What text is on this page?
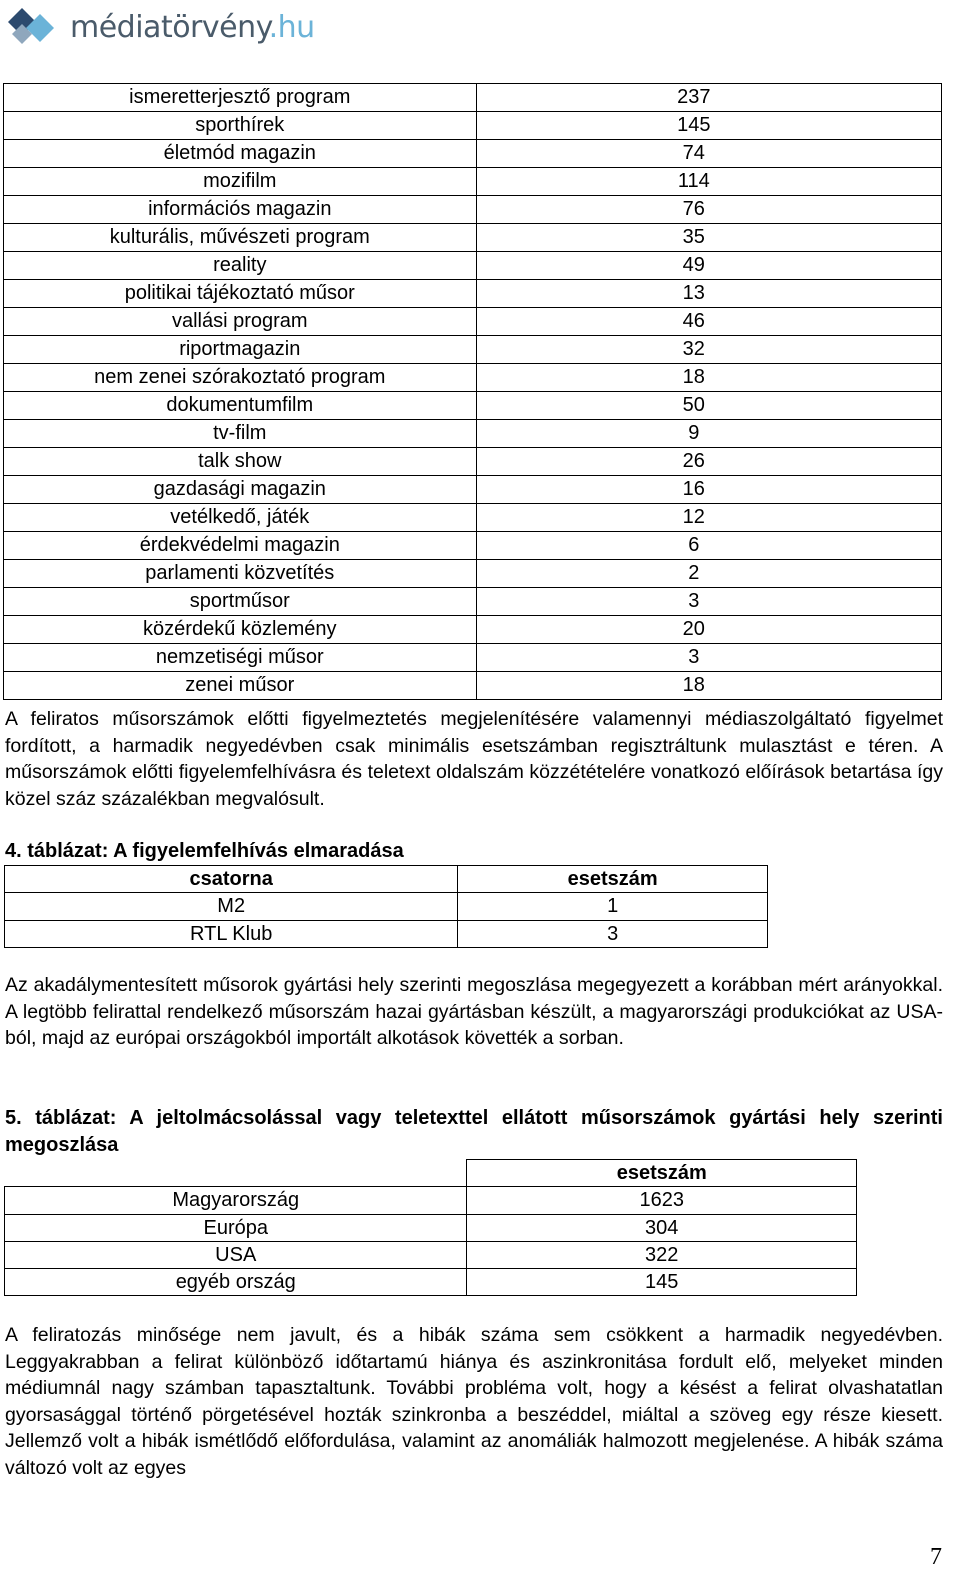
médiatörvény.hu
ismeretterjesztő program	237
sporthírek	145
életmód magazin	74
mozifilm	114
információs magazin	76
kulturális, művészeti program	35
reality	49
politikai tájékoztató műsor	13
vallási program	46
riportmagazin	32
nem zenei szórakoztató program	18
dokumentumfilm	50
tv-film	9
talk show	26
gazdasági magazin	16
vetélkedő, játék	12
érdekvédelmi magazin	6
parlamenti közvetítés	2
sportműsor	3
közérdekű közlemény	20
nemzetiségi műsor	3
zenei műsor	18

A feliratos műsorszámok előtti figyelmeztetés megjelenítésére valamennyi médiaszolgáltató figyelmet fordított, a harmadik negyedévben csak minimális esetszámban regisztráltunk mulasztást e téren. A műsorszámok előtti figyelemfelhívásra és teletext oldalszám közzétételére vonatkozó előírások betartása így közel száz százalékban megvalósult.

4. táblázat: A figyelemfelhívás elmaradása
csatorna	esetszám
M2	1
RTL Klub	3

Az akadálymentesített műsorok gyártási hely szerinti megoszlása megegyezett a korábban mért arányokkal. A legtöbb felirattal rendelkező műsorszám hazai gyártásban készült, a magyarországi produkciókat az USA-ból, majd az európai országokból importált alkotások követték a sorban.

5. táblázat: A jeltolmácsolással vagy teletexttel ellátott műsorszámok gyártási hely szerinti megoszlása
	esetszám
Magyarország	1623
Európa	304
USA	322
egyéb ország	145

A feliratozás minősége nem javult, és a hibák száma sem csökkent a harmadik negyedévben. Leggyakrabban a felirat különböző időtartamú hiánya és aszinkronitása fordult elő, melyeket minden médiumnál nagy számban tapasztaltunk. További probléma volt, hogy a késést a felirat olvashatatlan gyorsasággal történő pörgetésével hozták szinkronba a beszéddel, miáltal a szöveg egy része kiesett. Jellemző volt a hibák ismétlődő előfordulása, valamint az anomáliák halmozott megjelenése. A hibák száma változó volt az egyes

7
